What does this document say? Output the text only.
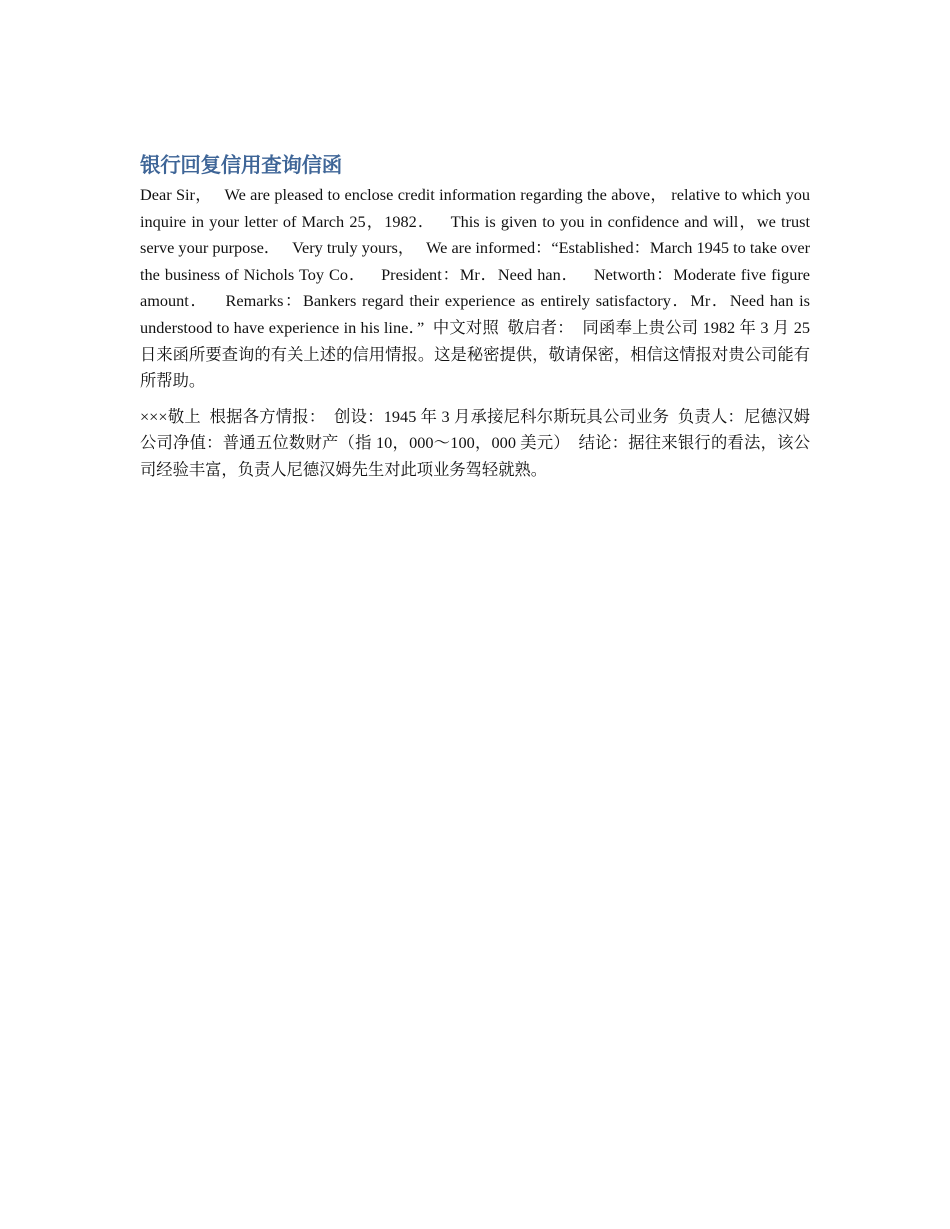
银行回复信用查询信函

Dear Sir，   We are pleased to enclose credit information regarding the above， relative to which you inquire in your letter of March 25，1982．   This is given to you in confidence and will，we trust serve your purpose．   Very truly yours，   We are informed：“Established：March 1945 to take over the business of Nichols Toy Co．   President：Mr．Need han．   Networth：Moderate five figure amount．   Remarks：Bankers regard their experience as entirely satisfactory．Mr．Need han is understood to have experience in his line．”  中文对照  敬启者：  同函奉上贵公司 1982 年 3 月 25 日来函所要查询的有关上述的信用情报。这是秘密提供，敬请保密，相信这情报对贵公司能有所帮助。

×××敬上  根据各方情报：  创设：1945 年 3 月承接尼科尔斯玩具公司业务  负责人：尼德汉姆  公司净值：普通五位数财产（指 10，000～100，000 美元）  结论：据往来银行的看法，该公司经验丰富，负责人尼德汉姆先生对此项业务驾轻就熟。
